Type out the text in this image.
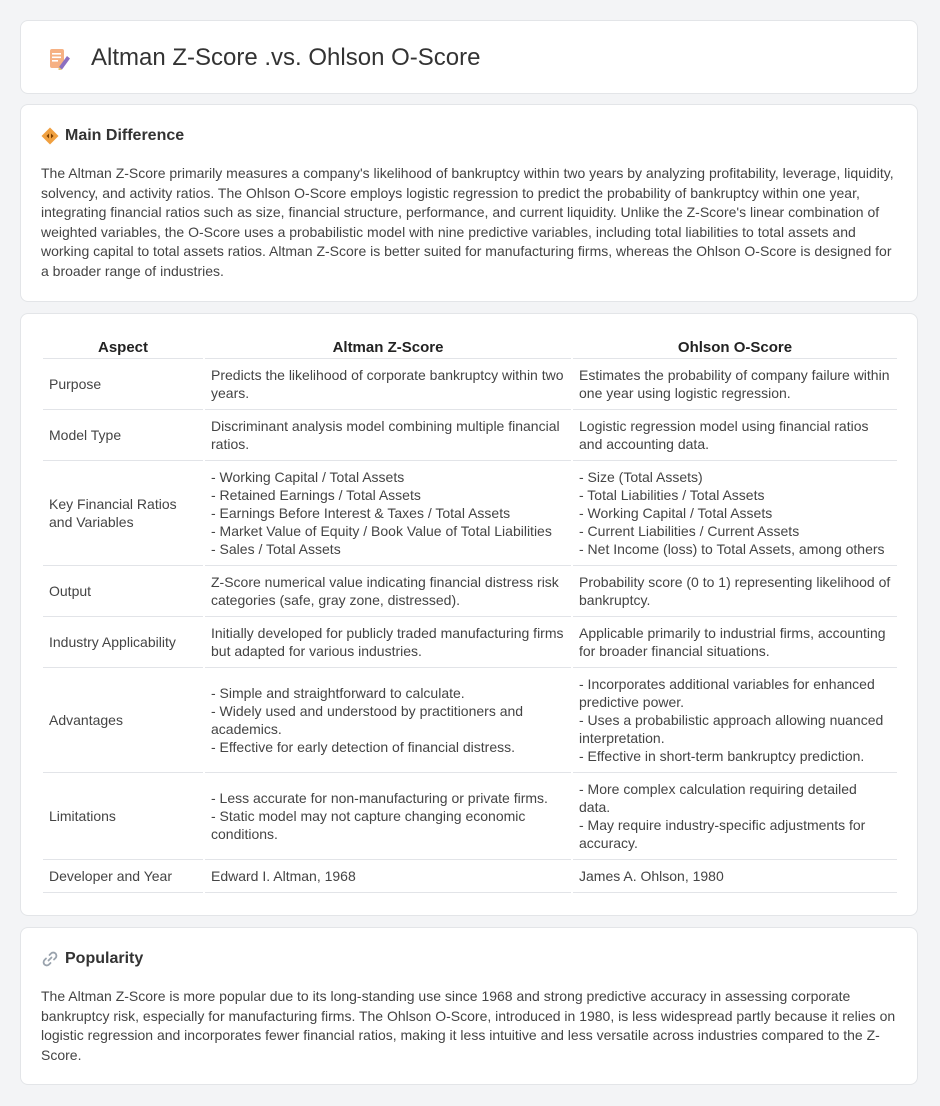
Altman Z-Score .vs. Ohlson O-Score
Main Difference

The Altman Z-Score primarily measures a company's likelihood of bankruptcy within two years by analyzing profitability, leverage, liquidity, solvency, and activity ratios. The Ohlson O-Score employs logistic regression to predict the probability of bankruptcy within one year, integrating financial ratios such as size, financial structure, performance, and current liquidity. Unlike the Z-Score's linear combination of weighted variables, the O-Score uses a probabilistic model with nine predictive variables, including total liabilities to total assets and working capital to total assets ratios. Altman Z-Score is better suited for manufacturing firms, whereas the Ohlson O-Score is designed for a broader range of industries.

Aspect	Altman Z-Score	Ohlson O-Score
Purpose	Predicts the likelihood of corporate bankruptcy within two years.	Estimates the probability of company failure within one year using logistic regression.

Model Type	Discriminant analysis model combining multiple financial ratios.	Logistic regression model using financial ratios and accounting data.

Key Financial Ratios and Variables	- Working Capital / Total Assets
- Retained Earnings / Total Assets
- Earnings Before Interest & Taxes / Total Assets
- Market Value of Equity / Book Value of Total Liabilities
- Sales / Total Assets	- Size (Total Assets)
- Total Liabilities / Total Assets
- Working Capital / Total Assets
- Current Liabilities / Current Assets
- Net Income (loss) to Total Assets, among others

Output	Z-Score numerical value indicating financial distress risk categories (safe, gray zone, distressed).	Probability score (0 to 1) representing likelihood of bankruptcy.

Industry Applicability	Initially developed for publicly traded manufacturing firms but adapted for various industries.	Applicable primarily to industrial firms, accounting for broader financial situations.

Advantages	- Simple and straightforward to calculate.
- Widely used and understood by practitioners and academics.
- Effective for early detection of financial distress.	- Incorporates additional variables for enhanced predictive power.
- Uses a probabilistic approach allowing nuanced interpretation.
- Effective in short-term bankruptcy prediction.

Limitations	- Less accurate for non-manufacturing or private firms.
- Static model may not capture changing economic conditions.	- More complex calculation requiring detailed data.
- May require industry-specific adjustments for accuracy.

Developer and Year	Edward I. Altman, 1968	James A. Ohlson, 1980
Popularity

The Altman Z-Score is more popular due to its long-standing use since 1968 and strong predictive accuracy in assessing corporate bankruptcy risk, especially for manufacturing firms. The Ohlson O-Score, introduced in 1980, is less widespread partly because it relies on logistic regression and incorporates fewer financial ratios, making it less intuitive and less versatile across industries compared to the Z-Score.
